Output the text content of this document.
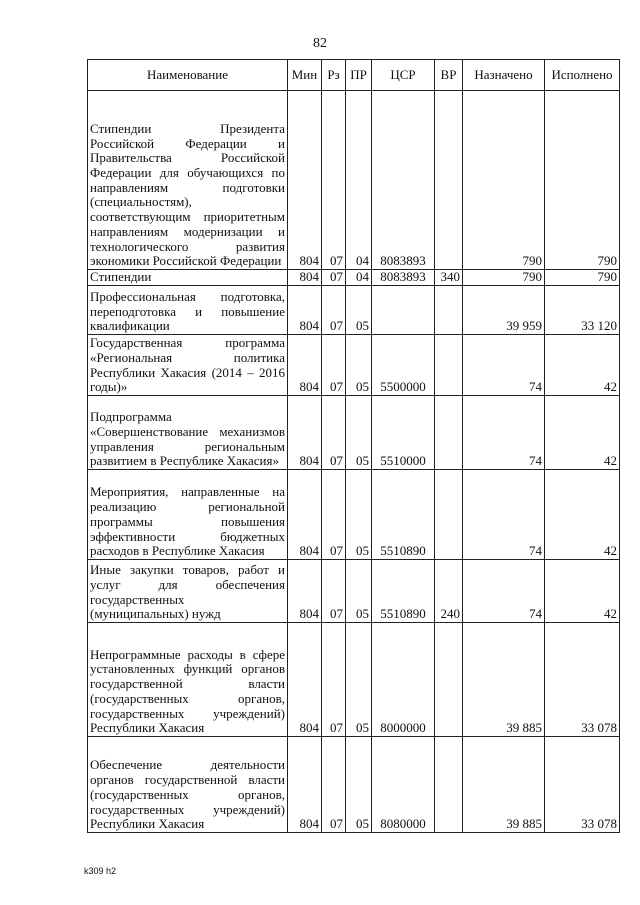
82
Наименование	Мин	Рз	ПР	ЦСР	ВР	Назначено	Исполнено
Стипендии Президента Российской Федерации и Правительства Российской Федерации для обучающихся по направлениям подготовки (специальностям), соответствующим приоритетным направлениям модернизации и технологического развития экономики Российской Федерации	804	07	04	8083893		790	790
Стипендии	804	07	04	8083893	340	790	790
Профессиональная подготовка, переподготовка и повышение квалификации	804	07	05			39 959	33 120
Государственная программа «Региональная политика Республики Хакасия (2014 – 2016 годы)»	804	07	05	5500000		74	42
Подпрограмма «Совершенствование механизмов управления региональным развитием в Республике Хакасия»	804	07	05	5510000		74	42
Мероприятия, направленные на реализацию региональной программы повышения эффективности бюджетных расходов в Республике Хакасия	804	07	05	5510890		74	42
Иные закупки товаров, работ и услуг для обеспечения государственных (муниципальных) нужд	804	07	05	5510890	240	74	42
Непрограммные расходы в сфере установленных функций органов государственной власти (государственных органов, государственных учреждений) Республики Хакасия	804	07	05	8000000		39 885	33 078
Обеспечение деятельности органов государственной власти (государственных органов, государственных учреждений) Республики Хакасия	804	07	05	8080000		39 885	33 078
k309 h2
